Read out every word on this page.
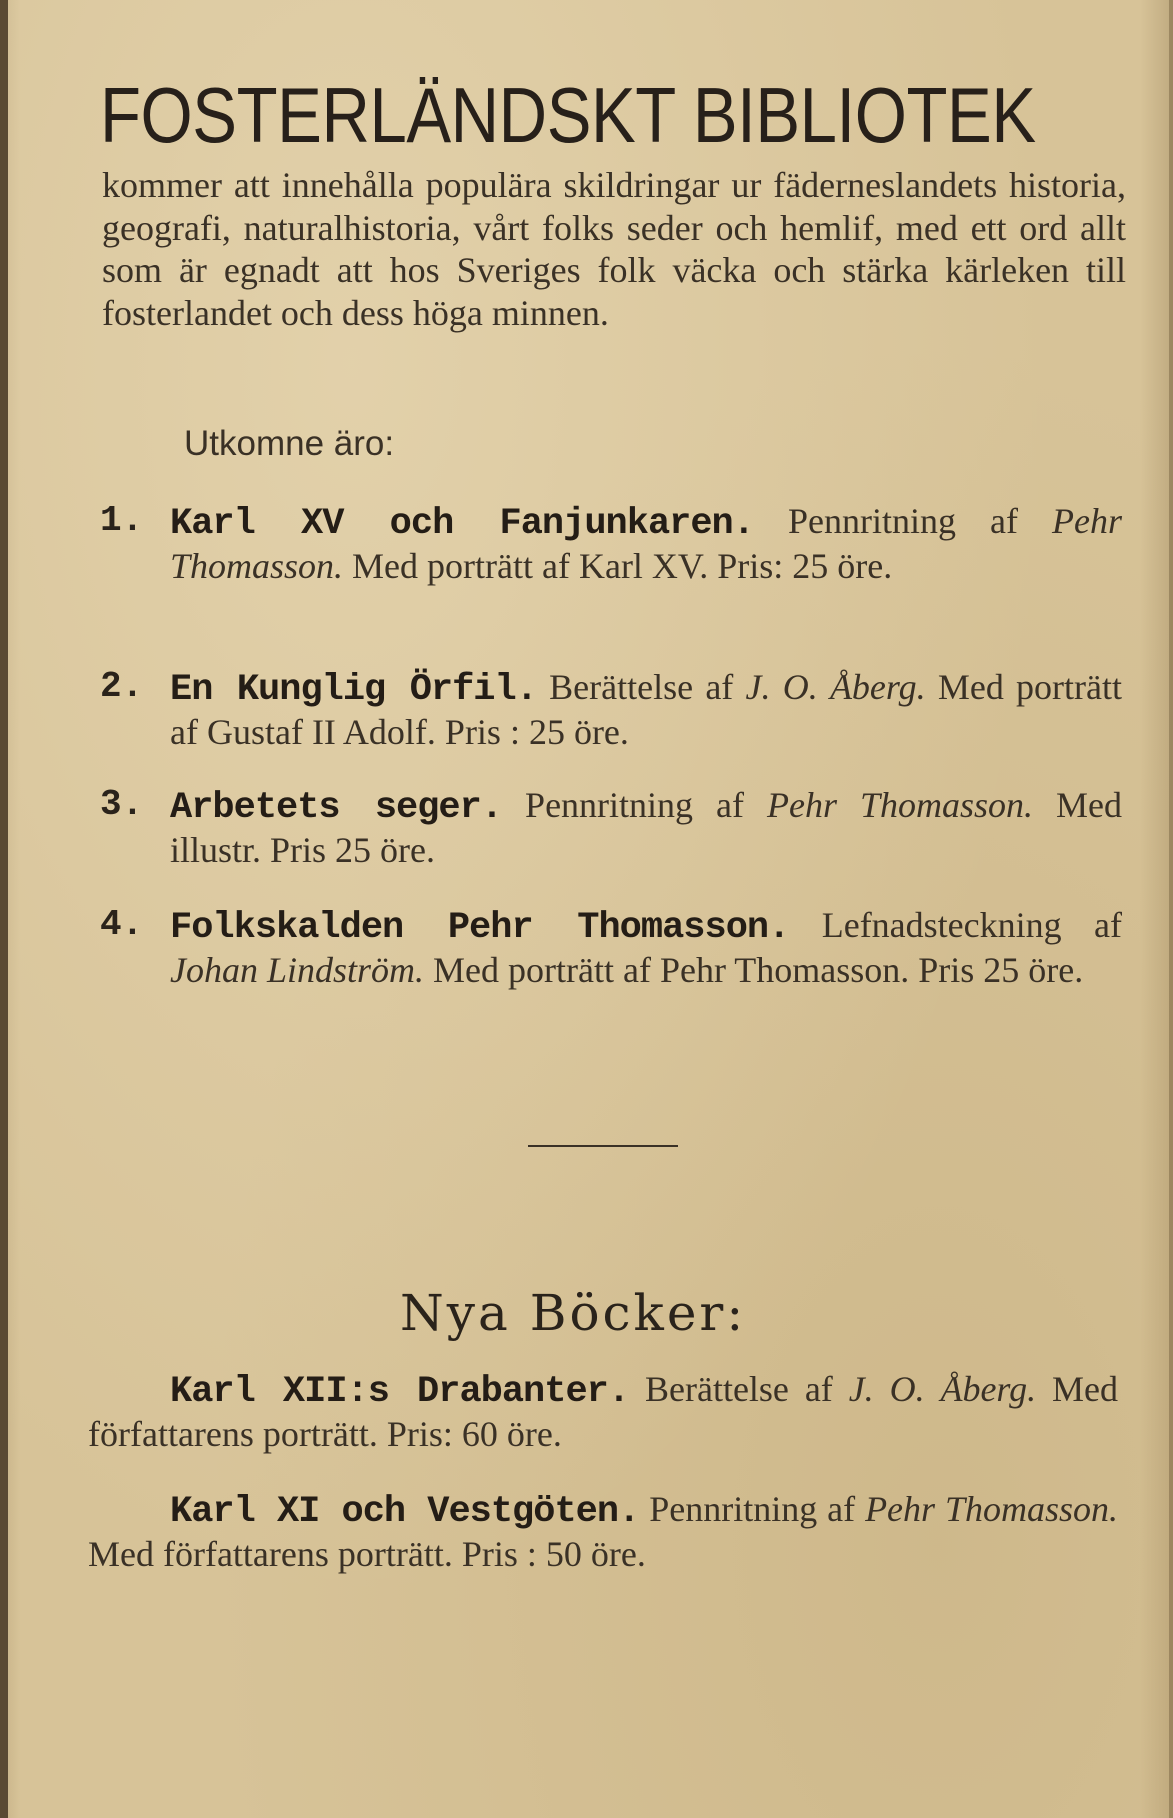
FOSTERLÄNDSKT BIBLIOTEK

kommer att innehålla populära skildringar ur fäderneslandets historia, geografi, naturalhistoria, vårt folks seder och hemlif, med ett ord allt som är egnadt att hos Sveriges folk väcka och stärka kärleken till fosterlandet och dess höga minnen.

Utkomne äro:

1. Karl XV och Fanjunkaren. Pennritning af Pehr Thomasson. Med porträtt af Karl XV. Pris: 25 öre.

2. En Kunglig Örfil. Berättelse af J. O. Åberg. Med porträtt af Gustaf II Adolf. Pris : 25 öre.

3. Arbetets seger. Pennritning af Pehr Thomasson. Med illustr. Pris 25 öre.

4. Folkskalden Pehr Thomasson. Lefnadsteckning af Johan Lindström. Med porträtt af Pehr Thomasson. Pris 25 öre.

Nya Böcker:

Karl XII:s Drabanter. Berättelse af J. O. Åberg. Med författarens porträtt. Pris: 60 öre.

Karl XI och Vestgöten. Pennritning af Pehr Thomasson. Med författarens porträtt. Pris : 50 öre.
